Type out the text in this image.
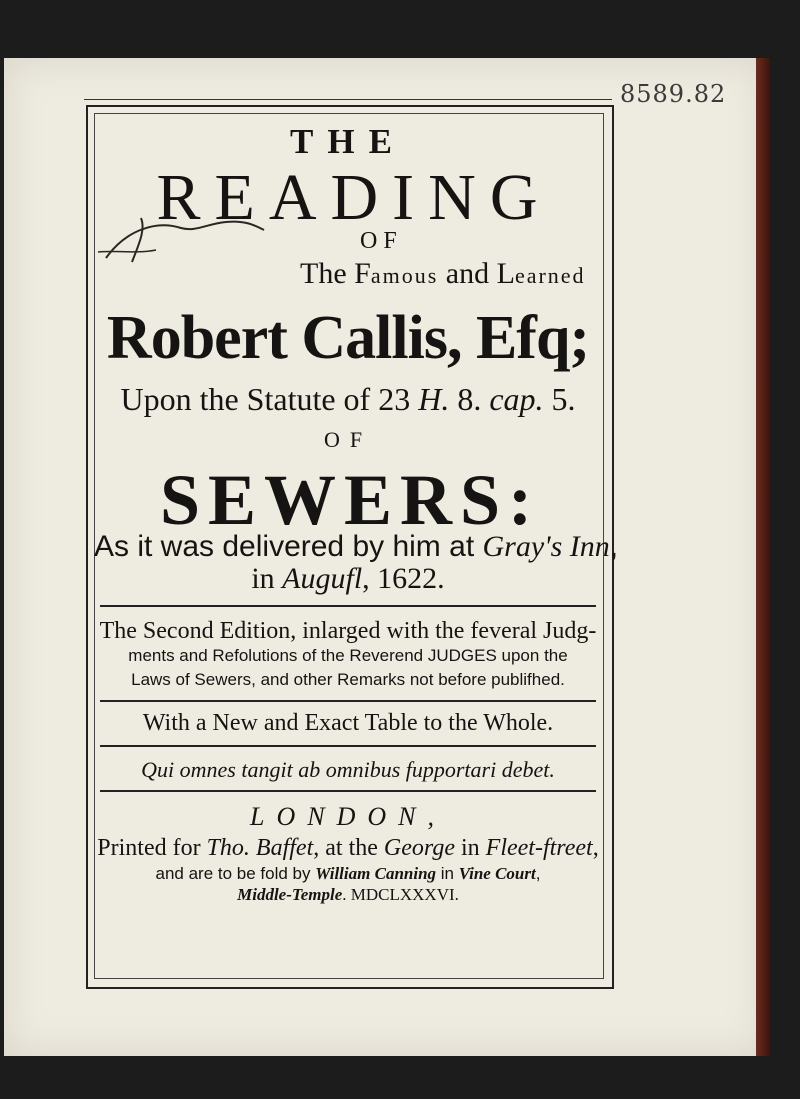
8589.82
THE
READING
OF
The Famous and Learned
Robert Callis, Efq;
Upon the Statute of 23 H. 8. cap. 5.
OF
SEWERS:
As it was delivered by him at Gray's Inn,
in Augufl, 1622.
The Second Edition, inlarged with the feveral Judg-
ments and Refolutions of the Reverend JUDGES upon the
Laws of Sewers, and other Remarks not before publifhed.
With a New and Exact Table to the Whole.
Qui omnes tangit ab omnibus fupportari debet.
LONDON,
Printed for Tho. Baffet, at the George in Fleet-ftreet,
and are to be fold by William Canning in Vine Court,
Middle-Temple. MDCLXXXVI.
